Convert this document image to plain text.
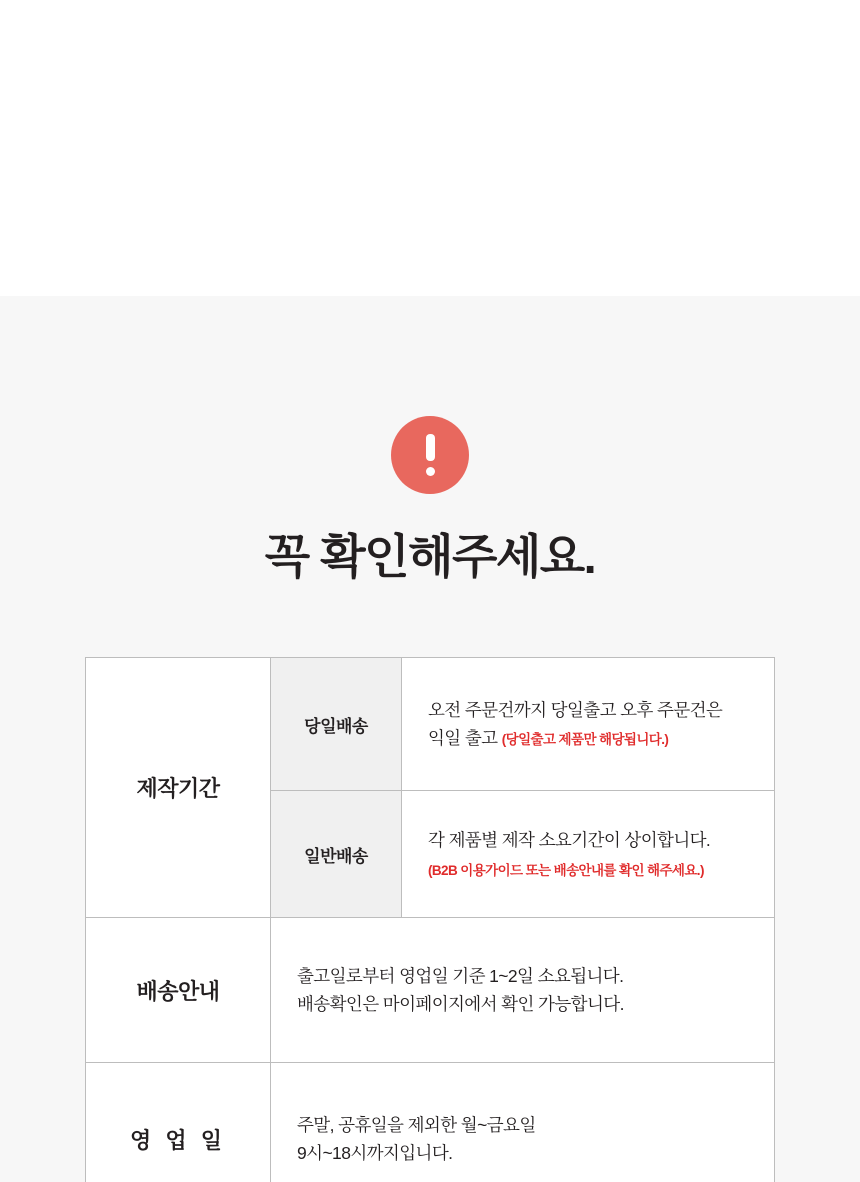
꼭 확인해주세요.
제작기간	당일배송	오전 주문건까지 당일출고 오후 주문건은
익일 출고 (당일출고 제품만 해당됩니다.)

	일반배송	각 제품별 제작 소요기간이 상이합니다.
(B2B 이용가이드 또는 배송안내를 확인 해주세요.)

배송안내	출고일로부터 영업일 기준 1~2일 소요됩니다.
배송확인은 마이페이지에서 확인 가능합니다.	

영 업 일	주말, 공휴일을 제외한 월~금요일
9시~18시까지입니다.	
